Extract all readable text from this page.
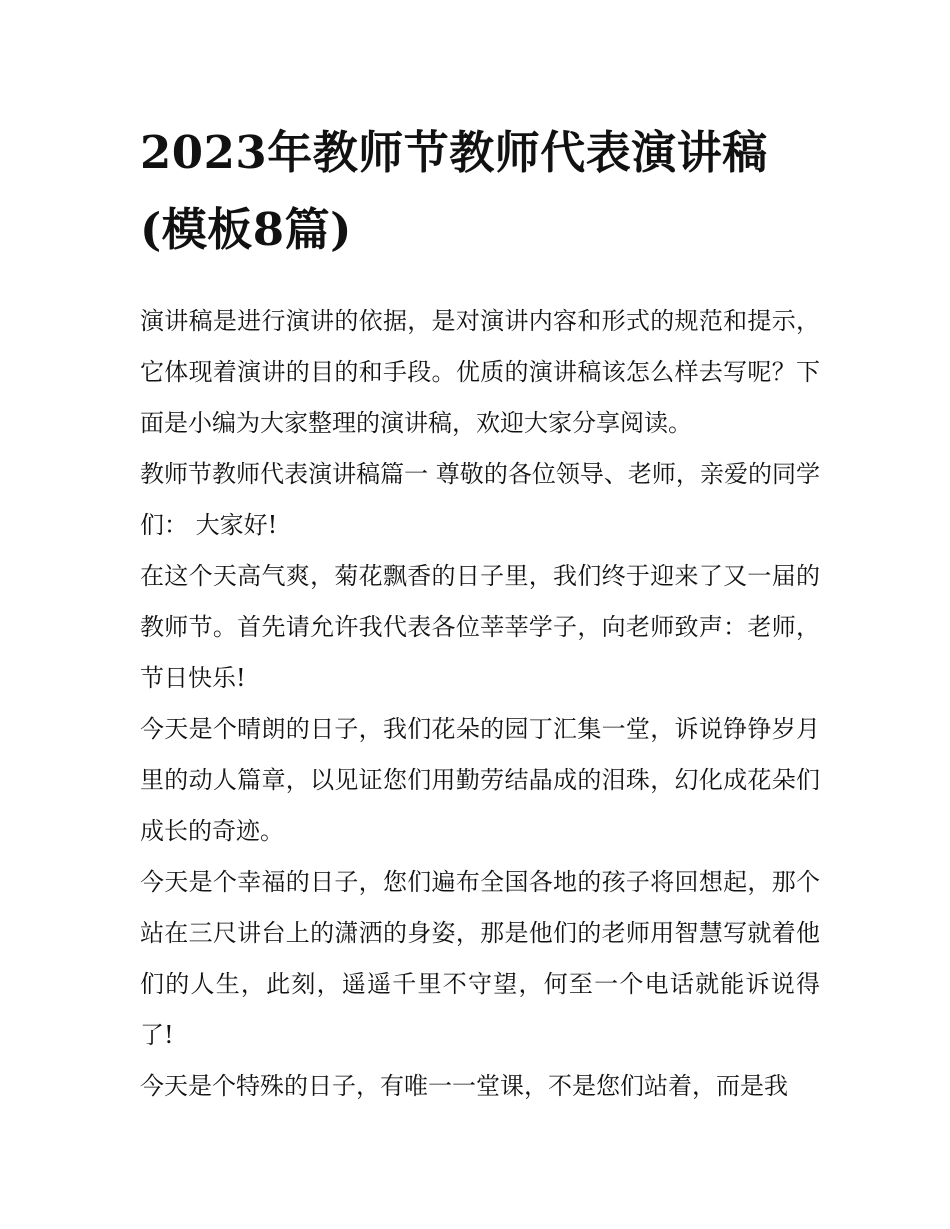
2023年教师节教师代表演讲稿(模板8篇)

演讲稿是进行演讲的依据，是对演讲内容和形式的规范和提示，它体现着演讲的目的和手段。优质的演讲稿该怎么样去写呢？下面是小编为大家整理的演讲稿，欢迎大家分享阅读。

教师节教师代表演讲稿篇一 尊敬的各位领导、老师，亲爱的同学们： 大家好!

在这个天高气爽，菊花飘香的日子里，我们终于迎来了又一届的教师节。首先请允许我代表各位莘莘学子，向老师致声：老师，节日快乐!

今天是个晴朗的日子，我们花朵的园丁汇集一堂，诉说铮铮岁月里的动人篇章，以见证您们用勤劳结晶成的泪珠，幻化成花朵们成长的奇迹。

今天是个幸福的日子，您们遍布全国各地的孩子将回想起，那个站在三尺讲台上的潇洒的身姿，那是他们的老师用智慧写就着他们的人生，此刻，遥遥千里不守望，何至一个电话就能诉说得了!

今天是个特殊的日子，有唯一一堂课，不是您们站着，而是我
